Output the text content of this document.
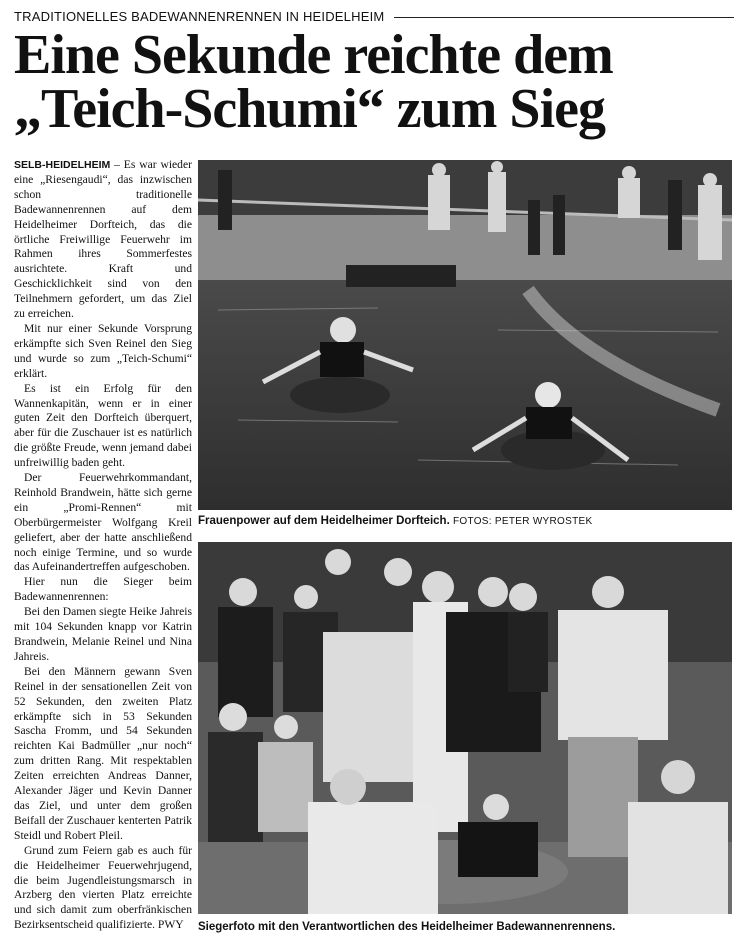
TRADITIONELLES BADEWANNENRENNEN IN HEIDELHEIM
Eine Sekunde reichte dem
„Teich-Schumi“ zum Sieg

SELB-HEIDELHEIM – Es war wieder eine „Riesengaudi“, das inzwischen schon traditionelle Badewannenrennen auf dem Heidelheimer Dorfteich, das die örtliche Freiwillige Feuerwehr im Rahmen ihres Sommerfestes ausrichtete. Kraft und Geschicklichkeit sind von den Teilnehmern gefordert, um das Ziel zu erreichen.

Mit nur einer Sekunde Vorsprung erkämpfte sich Sven Reinel den Sieg und wurde so zum „Teich-Schumi“ erklärt.

Es ist ein Erfolg für den Wannenkapitän, wenn er in einer guten Zeit den Dorfteich überquert, aber für die Zuschauer ist es natürlich die größte Freude, wenn jemand dabei unfreiwillig baden geht.

Der Feuerwehrkommandant, Reinhold Brandwein, hätte sich gerne ein „Promi-Rennen“ mit Oberbürgermeister Wolfgang Kreil geliefert, aber der hatte anschließend noch einige Termine, und so wurde das Aufeinandertreffen aufgeschoben.

Hier nun die Sieger beim Badewannenrennen:

Bei den Damen siegte Heike Jahreis mit 104 Sekunden knapp vor Katrin Brandwein, Melanie Reinel und Nina Jahreis.

Bei den Männern gewann Sven Reinel in der sensationellen Zeit von 52 Sekunden, den zweiten Platz erkämpfte sich in 53 Sekunden Sascha Fromm, und 54 Sekunden reichten Kai Badmüller „nur noch“ zum dritten Rang. Mit respektablen Zeiten erreichten Andreas Danner, Alexander Jäger und Kevin Danner das Ziel, und unter dem großen Beifall der Zuschauer kenterten Patrik Steidl und Robert Pleil.

Grund zum Feiern gab es auch für die Heidelheimer Feuerwehrjugend, die beim Jugendleistungsmarsch in Arzberg den vierten Platz erreichte und sich damit zum oberfränkischen Bezirksentscheid qualifizierte. PWY

Frauenpower auf dem Heidelheimer Dorfteich. FOTOS: PETER WYROSTEK
Siegerfoto mit den Verantwortlichen des Heidelheimer Badewannenrennens.
